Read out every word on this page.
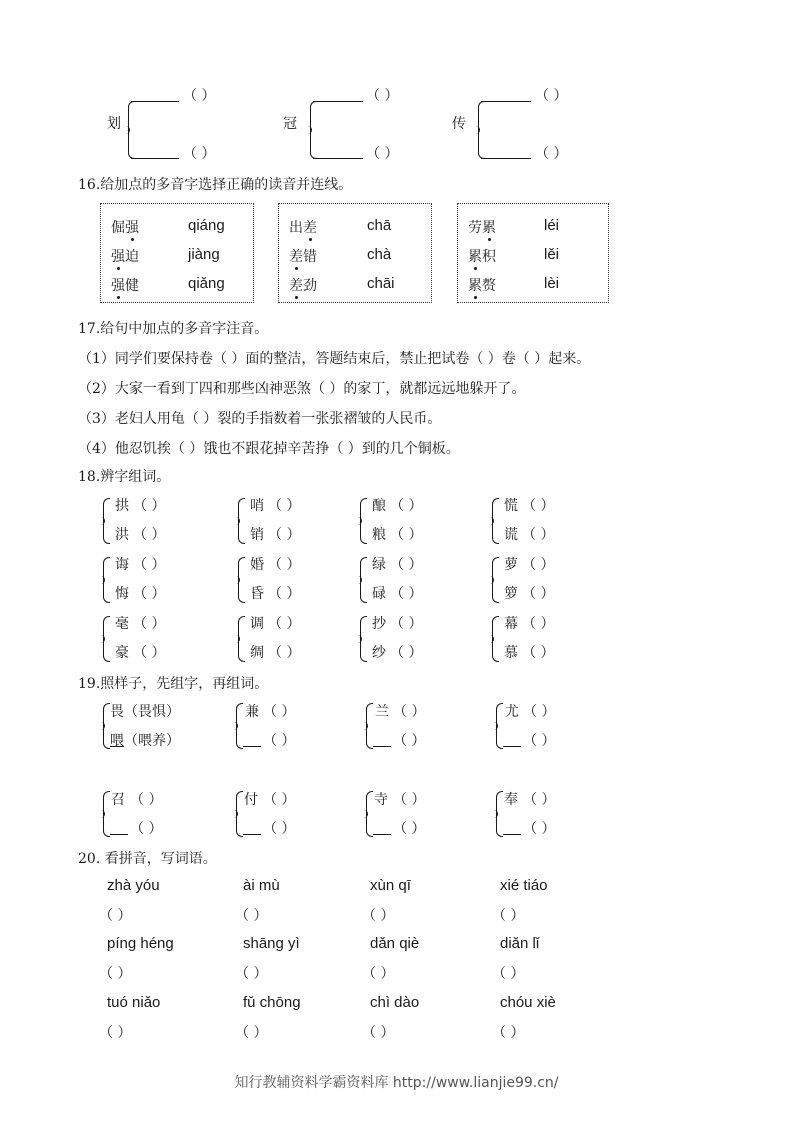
划
（ ）
（ ）
冠
（ ）
（ ）
传
（ ）
（ ）
16.给加点的多音字选择正确的读音并连线。
倔强
强迫
强健
qiáng
jiàng
qiǎng
出差
差错
差劲
chā
chà
chāi
劳累
累积
累赘
léi
lěi
lèi
17.给句中加点的多音字注音。
（1）同学们要保持卷（ ）面的整洁，答题结束后，禁止把试卷（ ）卷（ ）起来。
（2）大家一看到丁四和那些凶神恶煞（ ）的家丁，就都远远地躲开了。
（3）老妇人用龟（ ）裂的手指数着一张张褶皱的人民币。
（4）他忍饥挨（ ）饿也不跟花掉辛苦挣（ ）到的几个铜板。
18.辨字组词。
拱
洪
（ ）
（ ）
哨
销
（ ）
（ ）
酿
粮
（ ）
（ ）
慌
谎
（ ）
（ ）
诲
悔
（ ）
（ ）
婚
昏
（ ）
（ ）
绿
碌
（ ）
（ ）
萝
箩
（ ）
（ ）
毫
豪
（ ）
（ ）
调
绸
（ ）
（ ）
抄
纱
（ ）
（ ）
幕
慕
（ ）
（ ）
19.照样子，先组字，再组词。
畏（畏惧）
喂（喂养）
兼 （ ）
（ ）
兰 （ ）
（ ）
尤 （ ）
（ ）
召 （ ）
（ ）
付 （ ）
（ ）
寺 （ ）
（ ）
奉 （ ）
（ ）
20. 看拼音，写词语。
zhà yóu
（ ）
ài mù
（ ）
xùn qī
（ ）
xié tiáo
（ ）
píng héng
（ ）
shāng yì
（ ）
dǎn qiè
（ ）
diǎn lǐ
（ ）
tuó niǎo
（ ）
fǔ chōng
（ ）
chì dào
（ ）
chóu xiè
（ ）
知行教辅资料学霸资料库 http://www.lianjie99.cn/
